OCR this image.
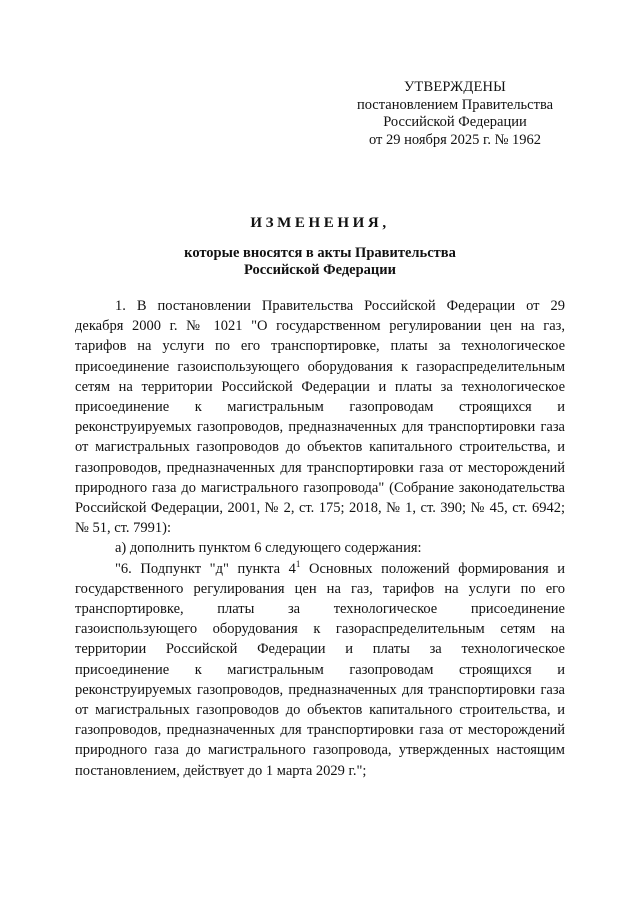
УТВЕРЖДЕНЫ
постановлением Правительства
Российской Федерации
от 29 ноября 2025 г. № 1962
ИЗМЕНЕНИЯ,
которые вносятся в акты Правительства
Российской Федерации

1. В постановлении Правительства Российской Федерации от 29 декабря 2000 г. № 1021 "О государственном регулировании цен на газ, тарифов на услуги по его транспортировке, платы за технологическое присоединение газоиспользующего оборудования к газораспределительным сетям на территории Российской Федерации и платы за технологическое присоединение к магистральным газопроводам строящихся и реконструируемых газопроводов, предназначенных для транспортировки газа от магистральных газопроводов до объектов капитального строительства, и газопроводов, предназначенных для транспортировки газа от месторождений природного газа до магистрального газопровода" (Собрание законодательства Российской Федерации, 2001, № 2, ст. 175; 2018, № 1, ст. 390; № 45, ст. 6942; № 51, ст. 7991):

а) дополнить пунктом 6 следующего содержания:

"6. Подпункт "д" пункта $4^1$ Основных положений формирования и государственного регулирования цен на газ, тарифов на услуги по его транспортировке, платы за технологическое присоединение газоиспользующего оборудования к газораспределительным сетям на территории Российской Федерации и платы за технологическое присоединение к магистральным газопроводам строящихся и реконструируемых газопроводов, предназначенных для транспортировки газа от магистральных газопроводов до объектов капитального строительства, и газопроводов, предназначенных для транспортировки газа от месторождений природного газа до магистрального газопровода, утвержденных настоящим постановлением, действует до 1 марта 2029 г.";
